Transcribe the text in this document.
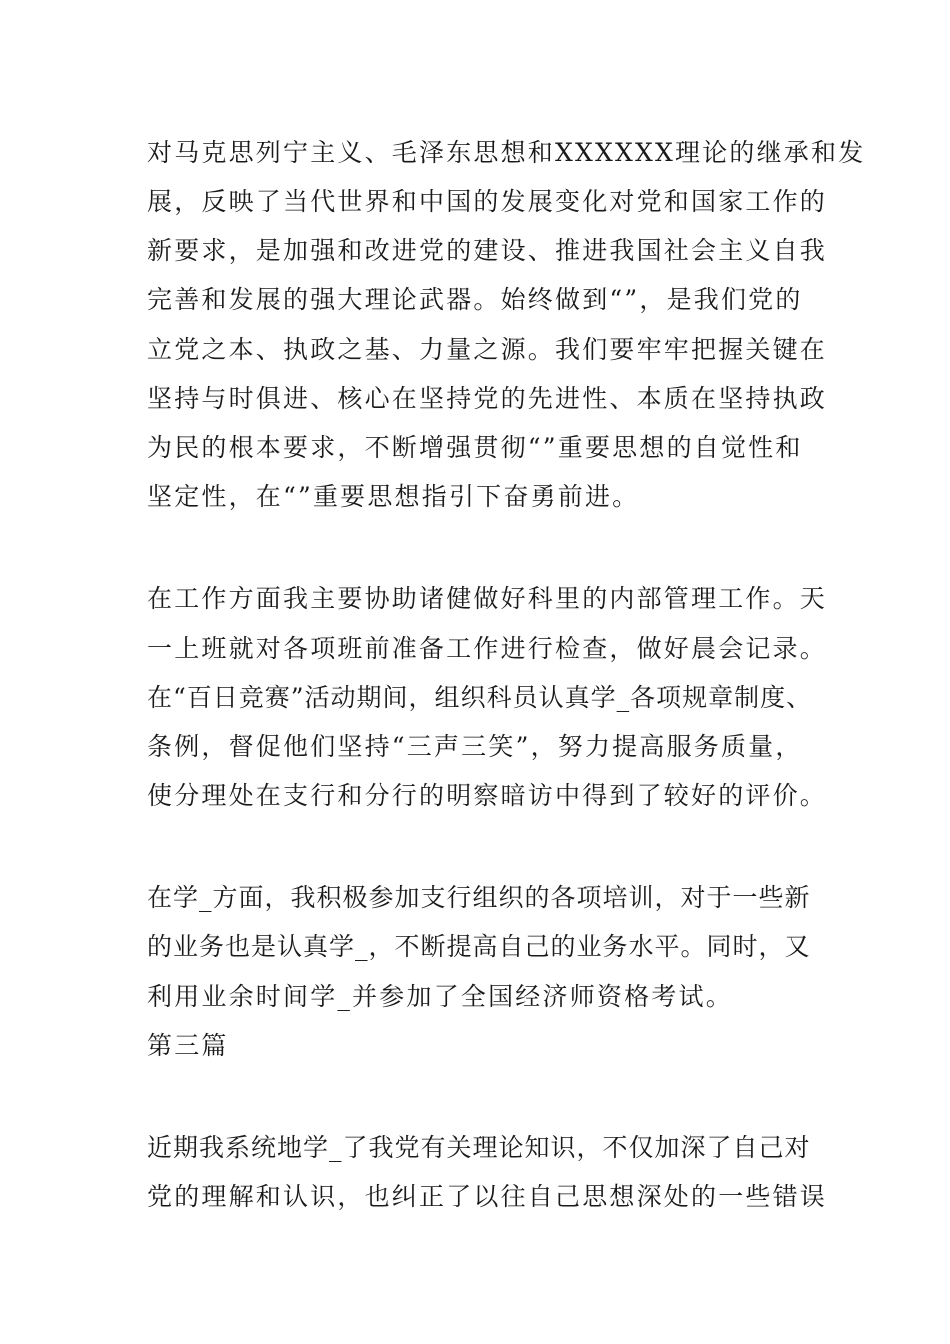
对马克思列宁主义、毛泽东思想和XXXXXX理论的继承和发
展，反映了当代世界和中国的发展变化对党和国家工作的
新要求，是加强和改进党的建设、推进我国社会主义自我
完善和发展的强大理论武器。始终做到“”，是我们党的
立党之本、执政之基、力量之源。我们要牢牢把握关键在
坚持与时俱进、核心在坚持党的先进性、本质在坚持执政
为民的根本要求，不断增强贯彻“”重要思想的自觉性和
坚定性，在“”重要思想指引下奋勇前进。
在工作方面我主要协助诸健做好科里的内部管理工作。天
一上班就对各项班前准备工作进行检查，做好晨会记录。
在“百日竞赛”活动期间，组织科员认真学_各项规章制度、
条例，督促他们坚持“三声三笑”，努力提高服务质量，
使分理处在支行和分行的明察暗访中得到了较好的评价。
在学_方面，我积极参加支行组织的各项培训，对于一些新
的业务也是认真学_，不断提高自己的业务水平。同时，又
利用业余时间学_并参加了全国经济师资格考试。
第三篇
近期我系统地学_了我党有关理论知识，不仅加深了自己对
党的理解和认识，也纠正了以往自己思想深处的一些错误
